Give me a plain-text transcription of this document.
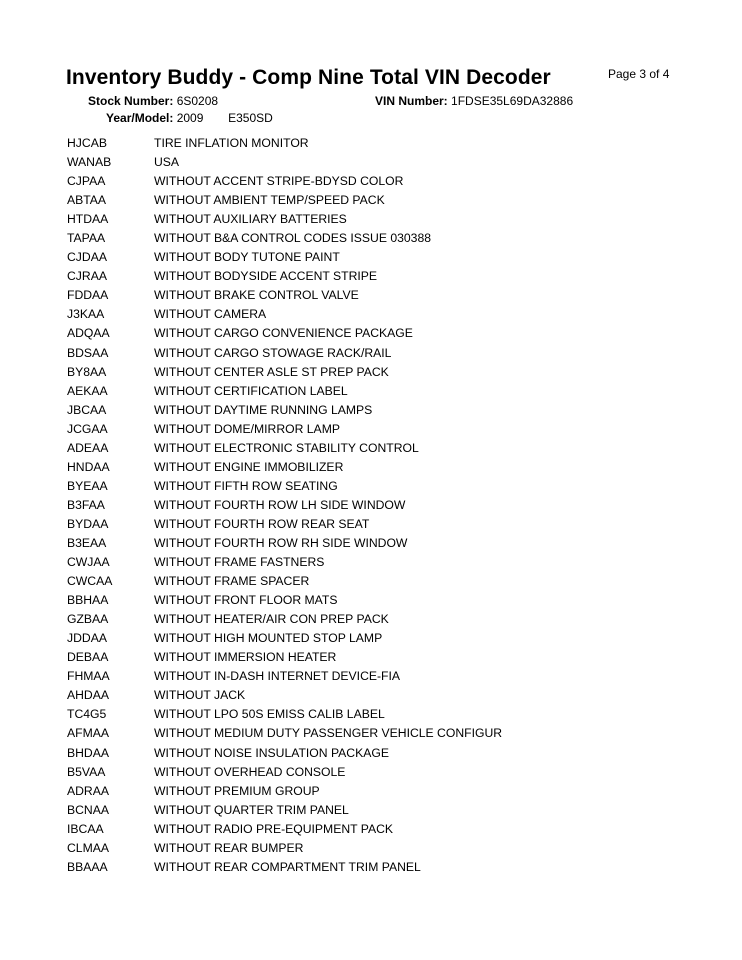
Inventory Buddy - Comp Nine Total VIN Decoder	Page 3 of 4
Stock Number: 6S0208	VIN Number: 1FDSE35L69DA32886
Year/Model: 2009 E350SD
HJCAB	TIRE INFLATION MONITOR
WANAB	USA
CJPAA	WITHOUT ACCENT STRIPE-BDYSD COLOR
ABTAA	WITHOUT AMBIENT TEMP/SPEED PACK
HTDAA	WITHOUT AUXILIARY BATTERIES
TAPAA	WITHOUT B&A CONTROL CODES ISSUE 030388
CJDAA	WITHOUT BODY TUTONE PAINT
CJRAA	WITHOUT BODYSIDE ACCENT STRIPE
FDDAA	WITHOUT BRAKE CONTROL VALVE
J3KAA	WITHOUT CAMERA
ADQAA	WITHOUT CARGO CONVENIENCE PACKAGE
BDSAA	WITHOUT CARGO STOWAGE RACK/RAIL
BY8AA	WITHOUT CENTER ASLE ST PREP PACK
AEKAA	WITHOUT CERTIFICATION LABEL
JBCAA	WITHOUT DAYTIME RUNNING LAMPS
JCGAA	WITHOUT DOME/MIRROR LAMP
ADEAA	WITHOUT ELECTRONIC STABILITY CONTROL
HNDAA	WITHOUT ENGINE IMMOBILIZER
BYEAA	WITHOUT FIFTH ROW SEATING
B3FAA	WITHOUT FOURTH ROW LH SIDE WINDOW
BYDAA	WITHOUT FOURTH ROW REAR SEAT
B3EAA	WITHOUT FOURTH ROW RH SIDE WINDOW
CWJAA	WITHOUT FRAME FASTNERS
CWCAA	WITHOUT FRAME SPACER
BBHAA	WITHOUT FRONT FLOOR MATS
GZBAA	WITHOUT HEATER/AIR CON PREP PACK
JDDAA	WITHOUT HIGH MOUNTED STOP LAMP
DEBAA	WITHOUT IMMERSION HEATER
FHMAA	WITHOUT IN-DASH INTERNET DEVICE-FIA
AHDAA	WITHOUT JACK
TC4G5	WITHOUT LPO 50S EMISS CALIB LABEL
AFMAA	WITHOUT MEDIUM DUTY PASSENGER VEHICLE CONFIGUR
BHDAA	WITHOUT NOISE INSULATION PACKAGE
B5VAA	WITHOUT OVERHEAD CONSOLE
ADRAA	WITHOUT PREMIUM GROUP
BCNAA	WITHOUT QUARTER TRIM PANEL
IBCAA	WITHOUT RADIO PRE-EQUIPMENT PACK
CLMAA	WITHOUT REAR BUMPER
BBAAA	WITHOUT REAR COMPARTMENT TRIM PANEL
